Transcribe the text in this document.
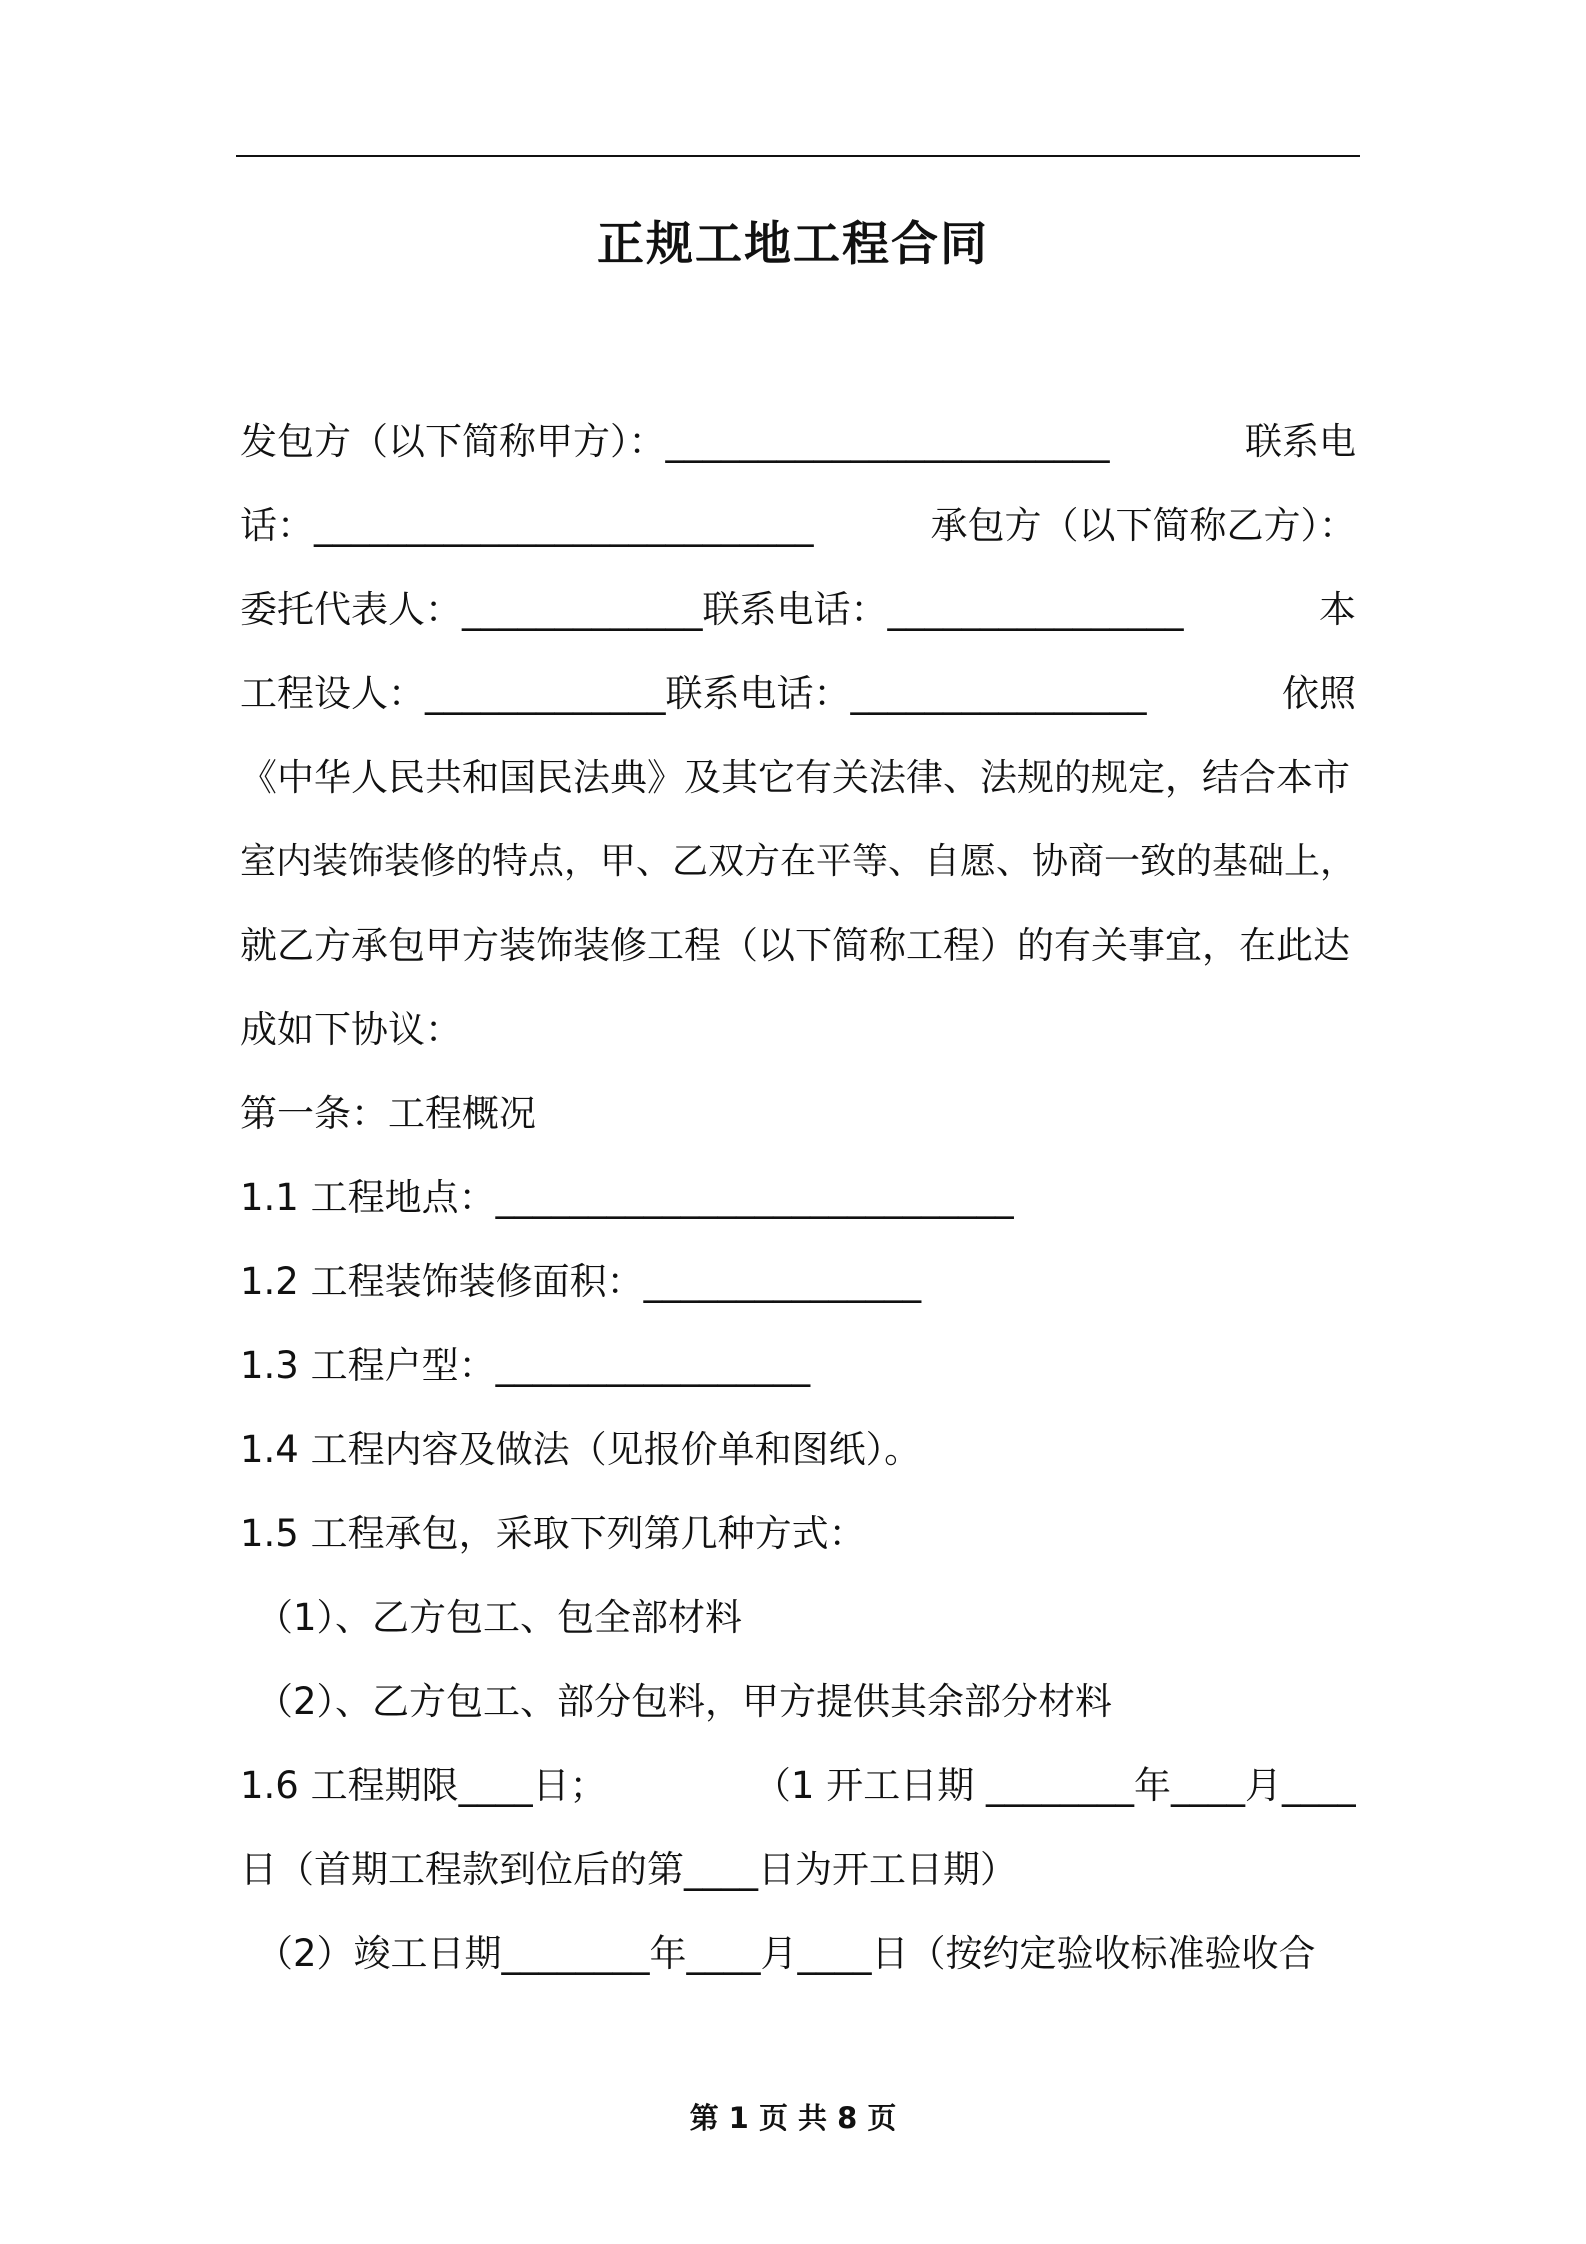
正规工地工程合同
发包方（以下简称甲方）：________________________	联系电
话：___________________________	承包方（以下简称乙方）：
委托代表人：_____________联系电话：________________	本
工程设人：_____________联系电话：________________	依照
《中华人民共和国民法典》及其它有关法律、法规的规定，结合本市
室内装饰装修的特点，甲、乙双方在平等、自愿、协商一致的基础上，
就乙方承包甲方装饰装修工程（以下简称工程）的有关事宜，在此达
成如下协议：
第一条：工程概况
1.1 工程地点：____________________________
1.2 工程装饰装修面积：_______________
1.3 工程户型：_________________
1.4 工程内容及做法（见报价单和图纸）。
1.5 工程承包，采取下列第几种方式：
（1）、乙方包工、包全部材料
（2）、乙方包工、部分包料，甲方提供其余部分材料
1.6 工程期限____日；	（1 开工日期 ________年____月____
日（首期工程款到位后的第____日为开工日期）
（2）竣工日期________年____月____日（按约定验收标准验收合
第 1 页 共 8 页
